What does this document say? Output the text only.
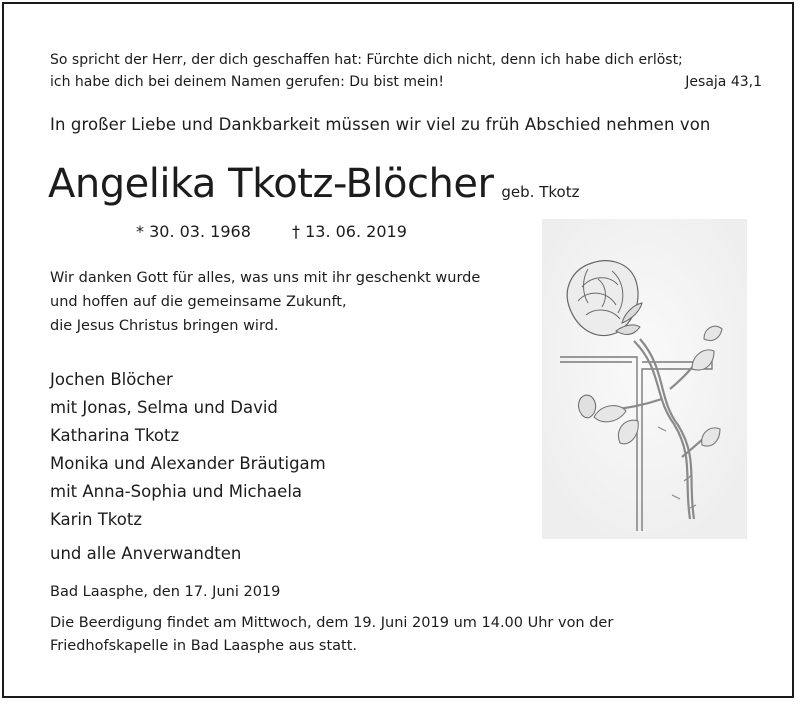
So spricht der Herr, der dich geschaffen hat: Fürchte dich nicht, denn ich habe dich erlöst;
ich habe dich bei deinem Namen gerufen: Du bist mein!	Jesaja 43,1
In großer Liebe und Dankbarkeit müssen wir viel zu früh Abschied nehmen von
Angelika Tkotz-Blöcher geb. Tkotz
* 30. 03. 1968	† 13. 06. 2019
Wir danken Gott für alles, was uns mit ihr geschenkt wurde
und hoffen auf die gemeinsame Zukunft,
die Jesus Christus bringen wird.
Jochen Blöcher
mit Jonas, Selma und David
Katharina Tkotz
Monika und Alexander Bräutigam
mit Anna-Sophia und Michaela
Karin Tkotz
und alle Anverwandten
Bad Laasphe, den 17. Juni 2019
Die Beerdigung findet am Mittwoch, dem 19. Juni 2019 um 14.00 Uhr von der
Friedhofskapelle in Bad Laasphe aus statt.
